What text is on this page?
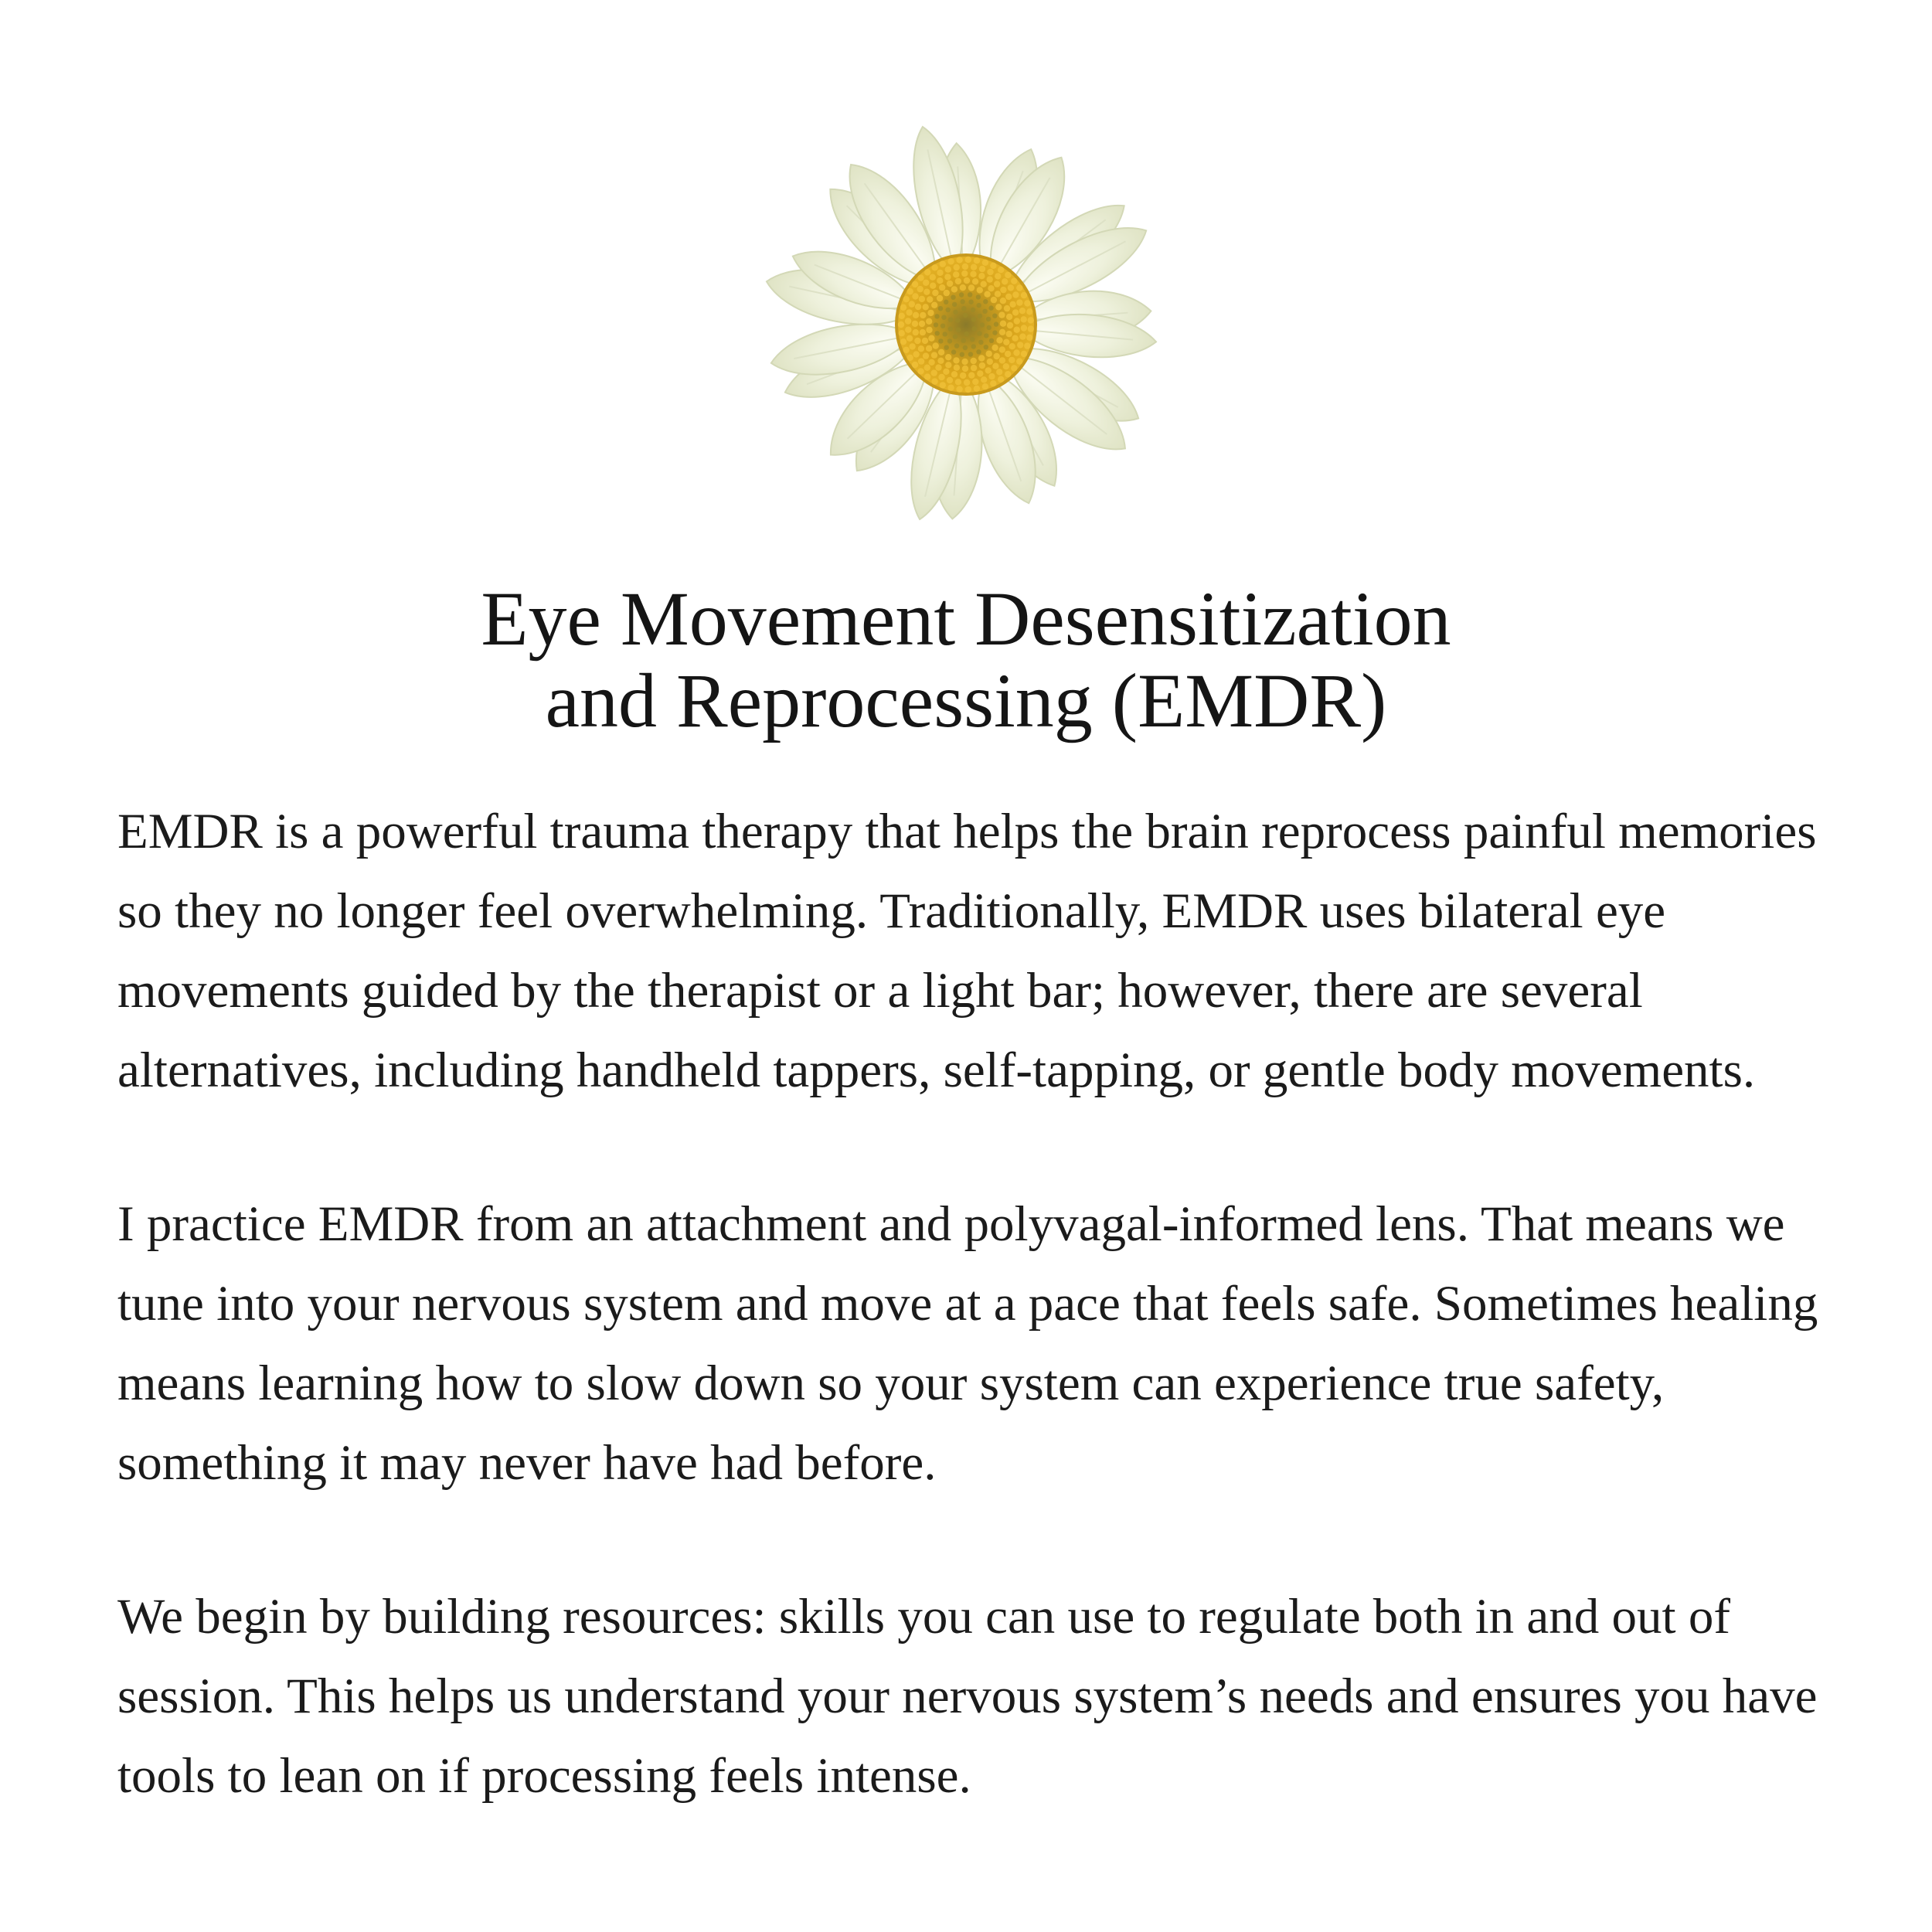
Eye Movement Desensitization
and Reprocessing (EMDR)

EMDR is a powerful trauma therapy that helps the brain reprocess painful memories so they no longer feel overwhelming. Traditionally, EMDR uses bilateral eye movements guided by the therapist or a light bar; however, there are several alternatives, including handheld tappers, self-tapping, or gentle body movements.

I practice EMDR from an attachment and polyvagal-informed lens. That means we tune into your nervous system and move at a pace that feels safe. Sometimes healing means learning how to slow down so your system can experience true safety, something it may never have had before.

We begin by building resources: skills you can use to regulate both in and out of session. This helps us understand your nervous system’s needs and ensures you have tools to lean on if processing feels intense.
